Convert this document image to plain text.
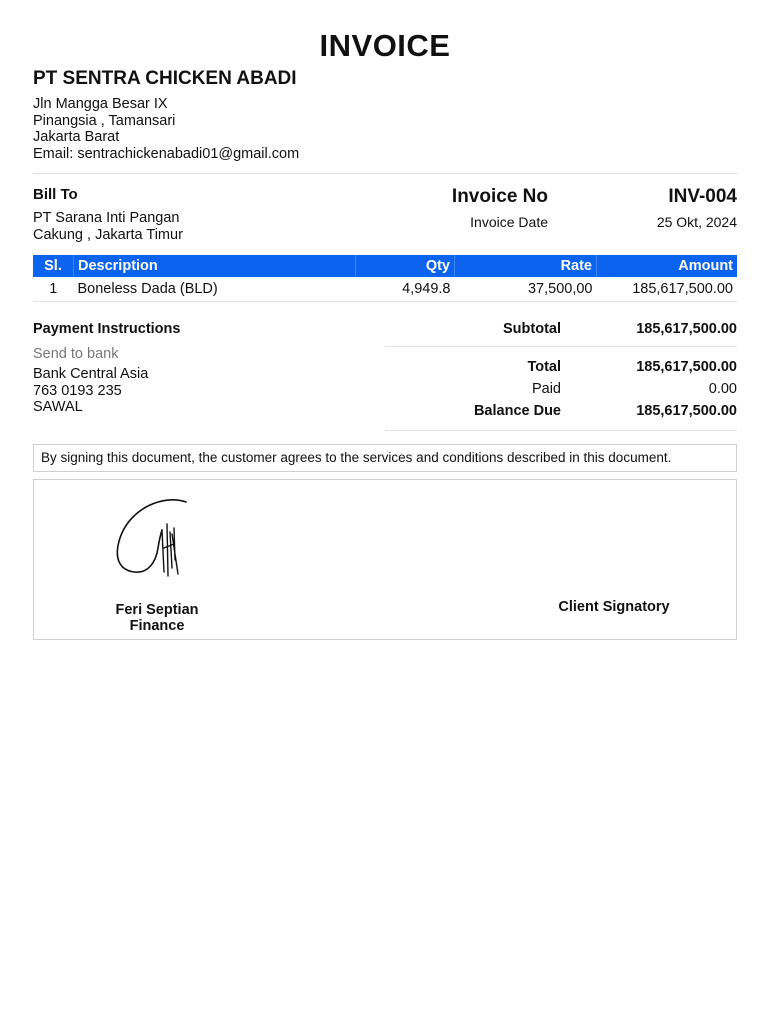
INVOICE
PT SENTRA CHICKEN ABADI
Jln Mangga Besar IX
Pinangsia , Tamansari
Jakarta Barat
Email: sentrachickenabadi01@gmail.com
Bill To
PT Sarana Inti Pangan
Cakung , Jakarta Timur
Invoice No	INV-004
Invoice Date	25 Okt, 2024
Sl.	Description	Qty	Rate	Amount
1	Boneless Dada (BLD)	4,949.8	37,500,00	185,617,500.00
Payment Instructions
Send to bank
Bank Central Asia
763 0193 235
SAWAL
Subtotal	185,617,500.00
Total	185,617,500.00
Paid	0.00
Balance Due	185,617,500.00
By signing this document, the customer agrees to the services and conditions described in this document.
Feri Septian
Finance
Client Signatory
